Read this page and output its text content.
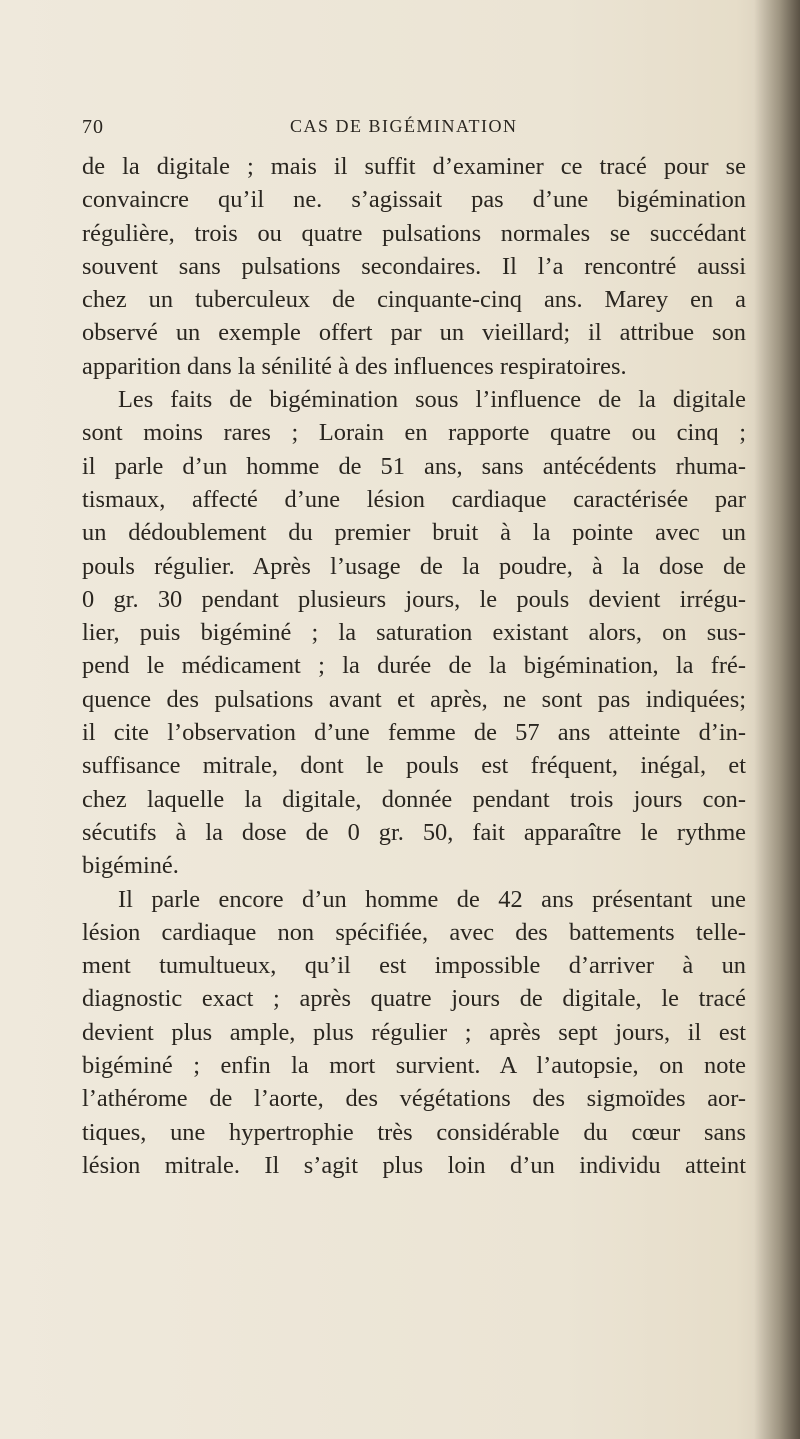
70	CAS DE BIGÉMINATION
de la digitale ; mais il suffit d’examiner ce tracé pour se
convaincre qu’il ne. s’agissait pas d’une bigémination
régulière, trois ou quatre pulsations normales se succédant
souvent sans pulsations secondaires. Il l’a rencontré aussi
chez un tuberculeux de cinquante-cinq ans. Marey en a
observé un exemple offert par un vieillard; il attribue son
apparition dans la sénilité à des influences respiratoires.
Les faits de bigémination sous l’influence de la digitale
sont moins rares ; Lorain en rapporte quatre ou cinq ;
il parle d’un homme de 51 ans, sans antécédents rhuma-
tismaux, affecté d’une lésion cardiaque caractérisée par
un dédoublement du premier bruit à la pointe avec un
pouls régulier. Après l’usage de la poudre, à la dose de
0 gr. 30 pendant plusieurs jours, le pouls devient irrégu-
lier, puis bigéminé ; la saturation existant alors, on sus-
pend le médicament ; la durée de la bigémination, la fré-
quence des pulsations avant et après, ne sont pas indiquées;
il cite l’observation d’une femme de 57 ans atteinte d’in-
suffisance mitrale, dont le pouls est fréquent, inégal, et
chez laquelle la digitale, donnée pendant trois jours con-
sécutifs à la dose de 0 gr. 50, fait apparaître le rythme
bigéminé.
Il parle encore d’un homme de 42 ans présentant une
lésion cardiaque non spécifiée, avec des battements telle-
ment tumultueux, qu’il est impossible d’arriver à un
diagnostic exact ; après quatre jours de digitale, le tracé
devient plus ample, plus régulier ; après sept jours, il est
bigéminé ; enfin la mort survient. A l’autopsie, on note
l’athérome de l’aorte, des végétations des sigmoïdes aor-
tiques, une hypertrophie très considérable du cœur sans
lésion mitrale. Il s’agit plus loin d’un individu atteint
